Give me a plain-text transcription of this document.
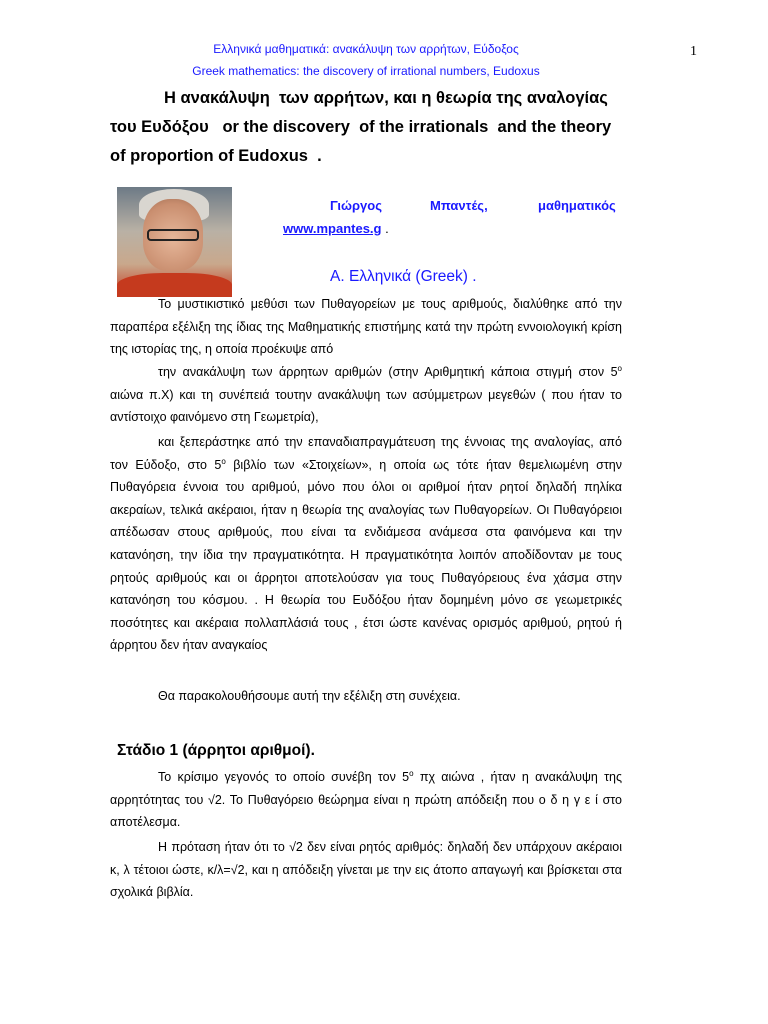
Ελληνικά μαθηματικά: ανακάλυψη των αρρήτων, Εύδοξος
Greek mathematics: the discovery of irrational numbers, Eudoxus
1
Η ανακάλυψη  των αρρήτων, και η θεωρία της αναλογίας
του Ευδόξου   or the discovery  of the irrationals  and the theory
of proportion of Eudoxus  .
Γιώργος	Μπαντές,	μαθηματικός
www.mpantes.g .
Α. Ελληνικά (Greek) .

Το μυστικιστικό μεθύσι των Πυθαγορείων με τους αριθμούς, διαλύθηκε από την παραπέρα εξέλιξη της ίδιας της Μαθηματικής επιστήμης κατά την πρώτη εννοιολογική κρίση της ιστορίας της, η οποία προέκυψε από

την ανακάλυψη των άρρητων αριθμών (στην Αριθμητική κάποια στιγμή στον $5^o$ αιώνα π.Χ) και τη συνέπειά τουτην ανακάλυψη των ασύμμετρων μεγεθών ( που ήταν το αντίστοιχο φαινόμενο στη Γεωμετρία),

και ξεπεράστηκε από την επαναδιαπραγμάτευση της έννοιας της αναλογίας, από τον Εύδοξο, στο $5^o$ βιβλίο των «Στοιχείων», η οποία ως τότε ήταν θεμελιωμένη στην Πυθαγόρεια έννοια του αριθμού, μόνο που όλοι οι αριθμοί ήταν ρητοί δηλαδή πηλίκα ακεραίων, τελικά ακέραιοι, ήταν η θεωρία της αναλογίας των Πυθαγορείων. Οι Πυθαγόρειοι απέδωσαν στους αριθμούς, που είναι τα ενδιάμεσα ανάμεσα στα φαινόμενα και την κατανόηση, την ίδια την πραγματικότητα. Η πραγματικότητα λοιπόν αποδίδονταν με τους ρητούς αριθμούς και οι άρρητοι αποτελούσαν για τους Πυθαγόρειους ένα χάσμα στην κατανόηση του κόσμου. . Η θεωρία του Ευδόξου ήταν δομημένη μόνο σε γεωμετρικές ποσότητες και ακέραια πολλαπλάσιά τους , έτσι ώστε κανένας ορισμός αριθμού, ρητού ή άρρητου δεν ήταν αναγκαίος

Θα παρακολουθήσουμε αυτή την εξέλιξη στη συνέχεια.

Στάδιο 1 (άρρητοι αριθμοί).

Το κρίσιμο γεγονός το οποίο συνέβη τον $5^o$ πχ αιώνα , ήταν η ανακάλυψη της αρρητότητας του √2. Το Πυθαγόρειο θεώρημα είναι η πρώτη απόδειξη που ο δ η γ ε ί στο αποτέλεσμα.

Η πρόταση ήταν ότι το √2 δεν είναι ρητός αριθμός: δηλαδή δεν υπάρχουν ακέραιοι κ, λ τέτοιοι ώστε, κ/λ=√2, και η απόδειξη γίνεται με την εις άτοπο απαγωγή και βρίσκεται στα σχολικά βιβλία.
